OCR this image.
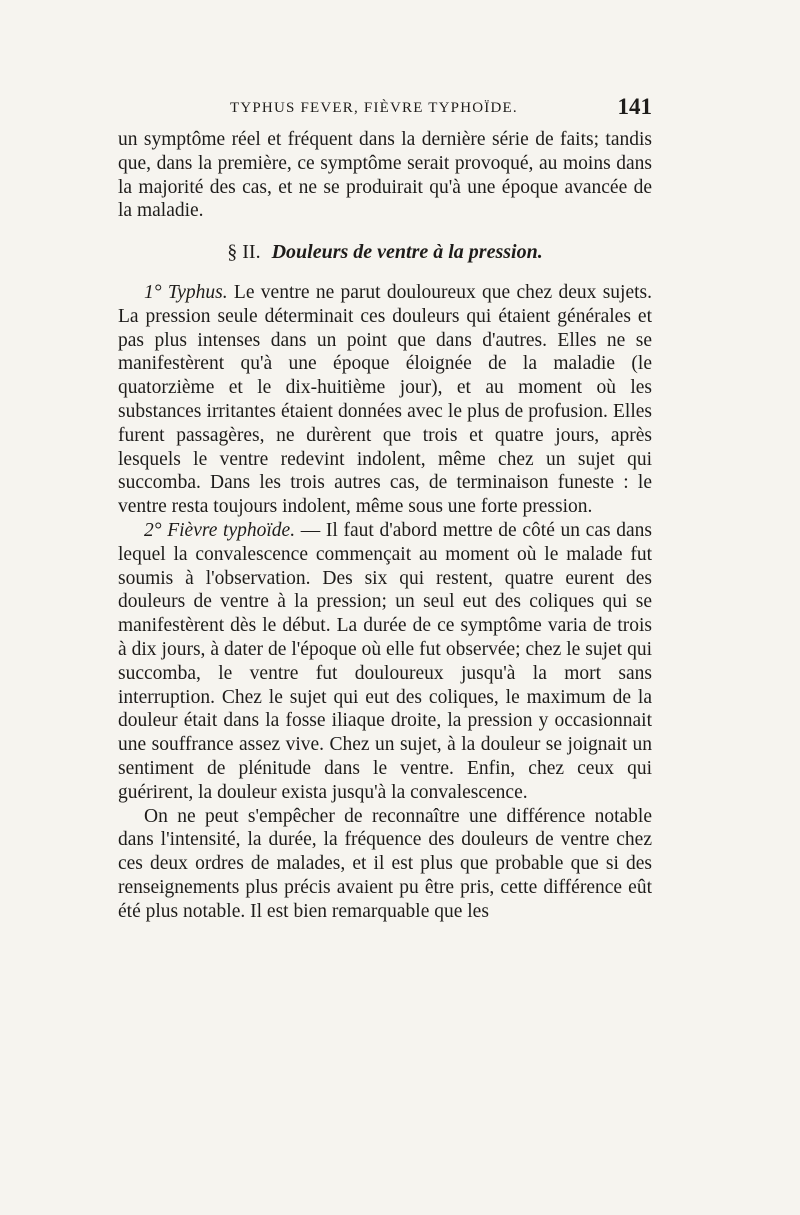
TYPHUS FEVER, FIÈVRE TYPHOÏDE.	141

un symptôme réel et fréquent dans la dernière série de faits; tandis que, dans la première, ce symptôme serait provoqué, au moins dans la majorité des cas, et ne se produirait qu'à une époque avancée de la maladie.

§ II. Douleurs de ventre à la pression.

1° Typhus. Le ventre ne parut douloureux que chez deux sujets. La pression seule déterminait ces douleurs qui étaient générales et pas plus intenses dans un point que dans d'autres. Elles ne se manifestèrent qu'à une époque éloignée de la maladie (le quatorzième et le dix-huitième jour), et au moment où les substances irritantes étaient données avec le plus de profusion. Elles furent passagères, ne durèrent que trois et quatre jours, après lesquels le ventre redevint indolent, même chez un sujet qui succomba. Dans les trois autres cas, de terminaison funeste : le ventre resta toujours indolent, même sous une forte pression.

2° Fièvre typhoïde. — Il faut d'abord mettre de côté un cas dans lequel la convalescence commençait au moment où le malade fut soumis à l'observation. Des six qui restent, quatre eurent des douleurs de ventre à la pression; un seul eut des coliques qui se manifestèrent dès le début. La durée de ce symptôme varia de trois à dix jours, à dater de l'époque où elle fut observée; chez le sujet qui succomba, le ventre fut douloureux jusqu'à la mort sans interruption. Chez le sujet qui eut des coliques, le maximum de la douleur était dans la fosse iliaque droite, la pression y occasionnait une souffrance assez vive. Chez un sujet, à la douleur se joignait un sentiment de plénitude dans le ventre. Enfin, chez ceux qui guérirent, la douleur exista jusqu'à la convalescence.

On ne peut s'empêcher de reconnaître une différence notable dans l'intensité, la durée, la fréquence des douleurs de ventre chez ces deux ordres de malades, et il est plus que probable que si des renseignements plus précis avaient pu être pris, cette différence eût été plus notable. Il est bien remarquable que les
